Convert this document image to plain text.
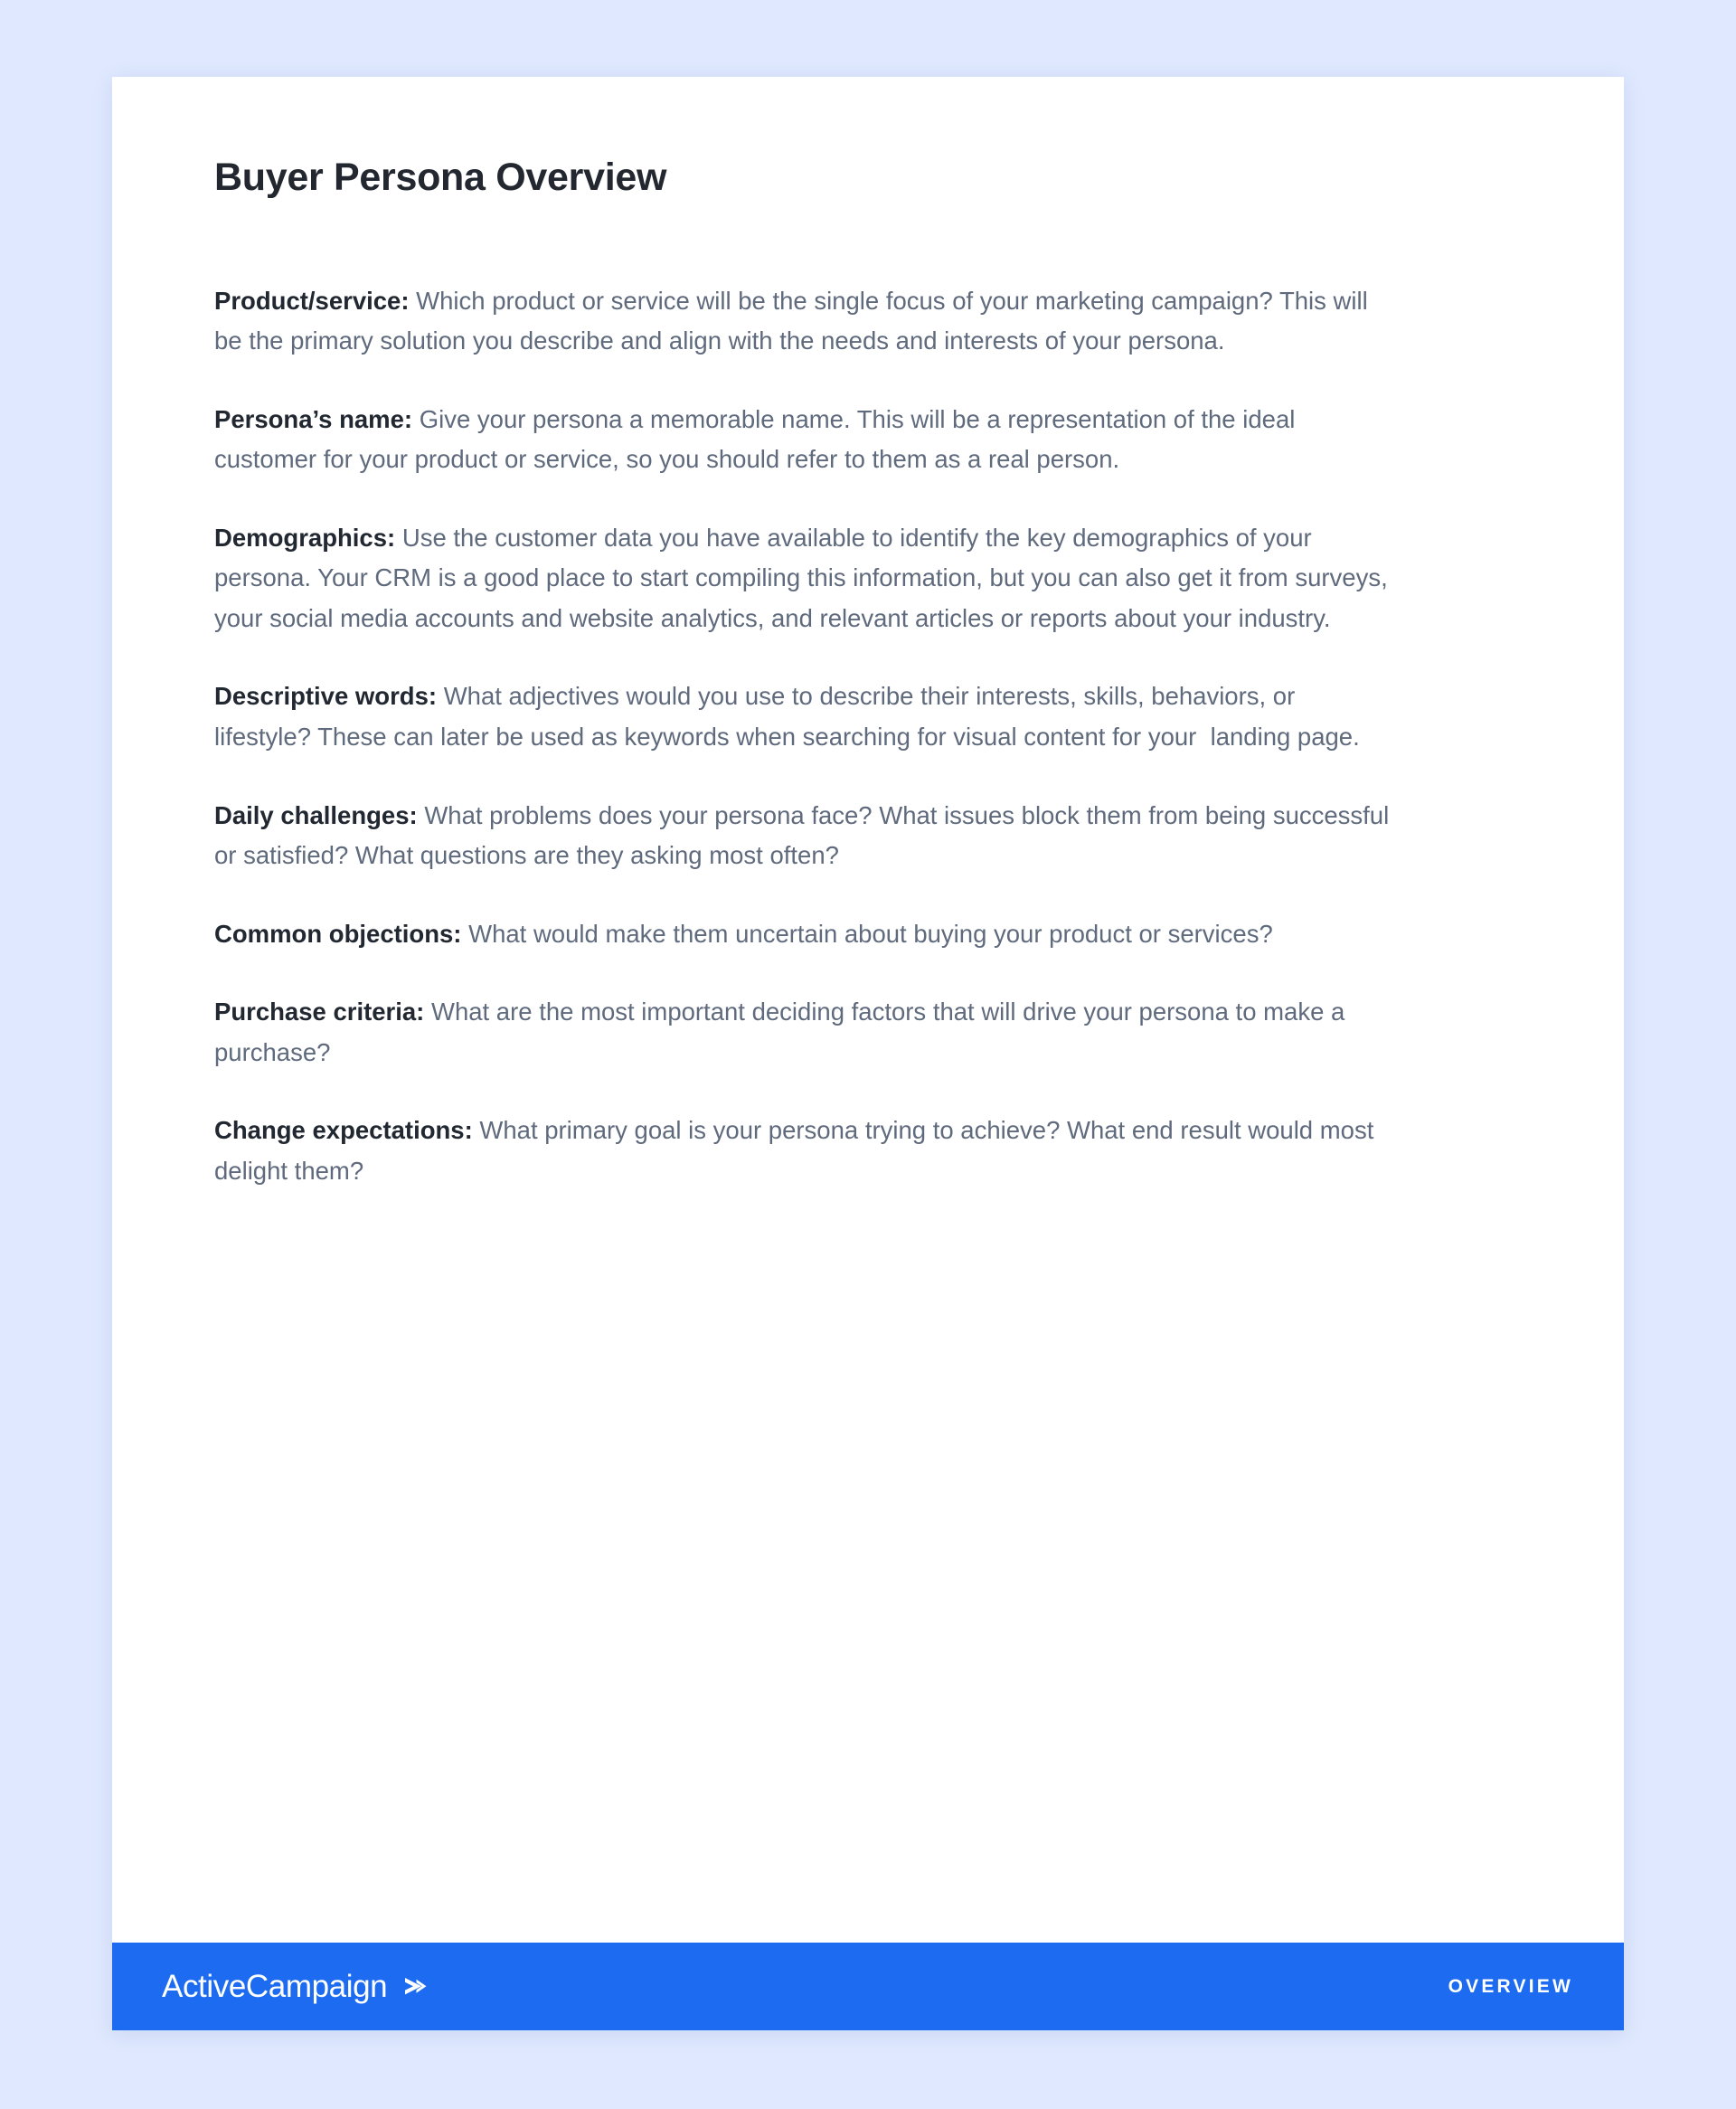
Buyer Persona Overview

Product/service: Which product or service will be the single focus of your marketing campaign? This will be the primary solution you describe and align with the needs and interests of your persona.

Persona’s name: Give your persona a memorable name. This will be a representation of the ideal customer for your product or service, so you should refer to them as a real person.

Demographics: Use the customer data you have available to identify the key demographics of your persona. Your CRM is a good place to start compiling this information, but you can also get it from surveys, your social media accounts and website analytics, and relevant articles or reports about your industry.

Descriptive words: What adjectives would you use to describe their interests, skills, behaviors, or lifestyle? These can later be used as keywords when searching for visual content for your  landing page.

Daily challenges: What problems does your persona face? What issues block them from being successful or satisfied? What questions are they asking most often?

Common objections: What would make them uncertain about buying your product or services?

Purchase criteria: What are the most important deciding factors that will drive your persona to make a purchase?

Change expectations: What primary goal is your persona trying to achieve? What end result would most delight them?

ActiveCampaign	OVERVIEW
